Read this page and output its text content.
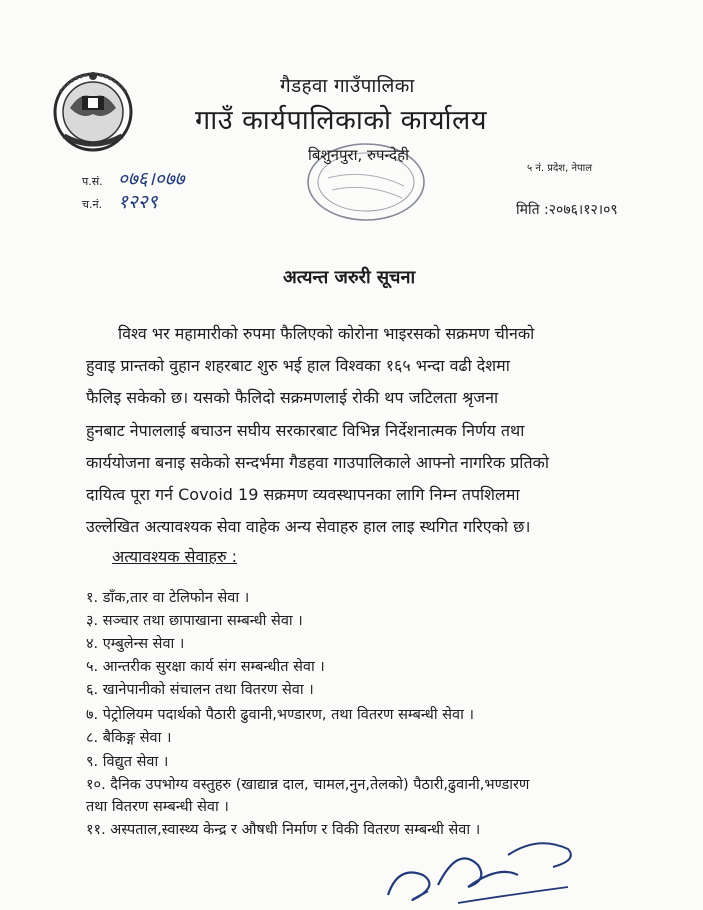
गैडहवा गाउँपालिका
गाउँ कार्यपालिकाको कार्यालय
बिशुनपुरा, रुपन्देही
५ नं. प्रदेश, नेपाल
प.सं. ०७६।०७७
च.नं. १२२९	मिति :२०७६।१२।०९
अत्यन्त जरुरी सूचना
विश्व भर महामारीको रुपमा फैलिएको कोरोना भाइरसको सक्रमण चीनको
हुवाइ प्रान्तको वुहान शहरबाट शुरु भई हाल विश्वका १६५ भन्दा वढी देशमा
फैलिइ सकेको छ। यसको फैलिदो सक्रमणलाई रोकी थप जटिलता श्रृजना
हुनबाट नेपाललाई बचाउन सघीय सरकारबाट विभिन्न निर्देशनात्मक निर्णय तथा
कार्ययोजना बनाइ सकेको सन्दर्भमा गैडहवा गाउपालिकाले आफ्नो नागरिक प्रतिको
दायित्व पूरा गर्न Covoid 19 सक्रमण व्यवस्थापनका लागि निम्न तपशिलमा
उल्लेखित अत्यावश्यक सेवा वाहेक अन्य सेवाहरु हाल लाइ स्थगित गरिएको छ।
अत्यावश्यक सेवाहरु :
१. डाँक,तार वा टेलिफोन सेवा ।
३. सञ्चार तथा छापाखाना सम्बन्धी सेवा ।
४. एम्बुलेन्स सेवा ।
५. आन्तरीक सुरक्षा कार्य संग सम्बन्धीत सेवा ।
६. खानेपानीको संचालन तथा वितरण सेवा ।
७. पेट्रोलियम पदार्थको पैठारी ढुवानी,भण्डारण, तथा वितरण सम्बन्धी सेवा ।
८. बैकिङ्ग सेवा ।
९. विद्युत सेवा ।
१०. दैनिक उपभोग्य वस्तुहरु (खाद्यान्न दाल, चामल,नुन,तेलको) पैठारी,ढुवानी,भण्डारण
तथा वितरण सम्बन्धी सेवा ।
११. अस्पताल,स्वास्थ्य केन्द्र र औषधी निर्माण र विकी वितरण सम्बन्धी सेवा ।
